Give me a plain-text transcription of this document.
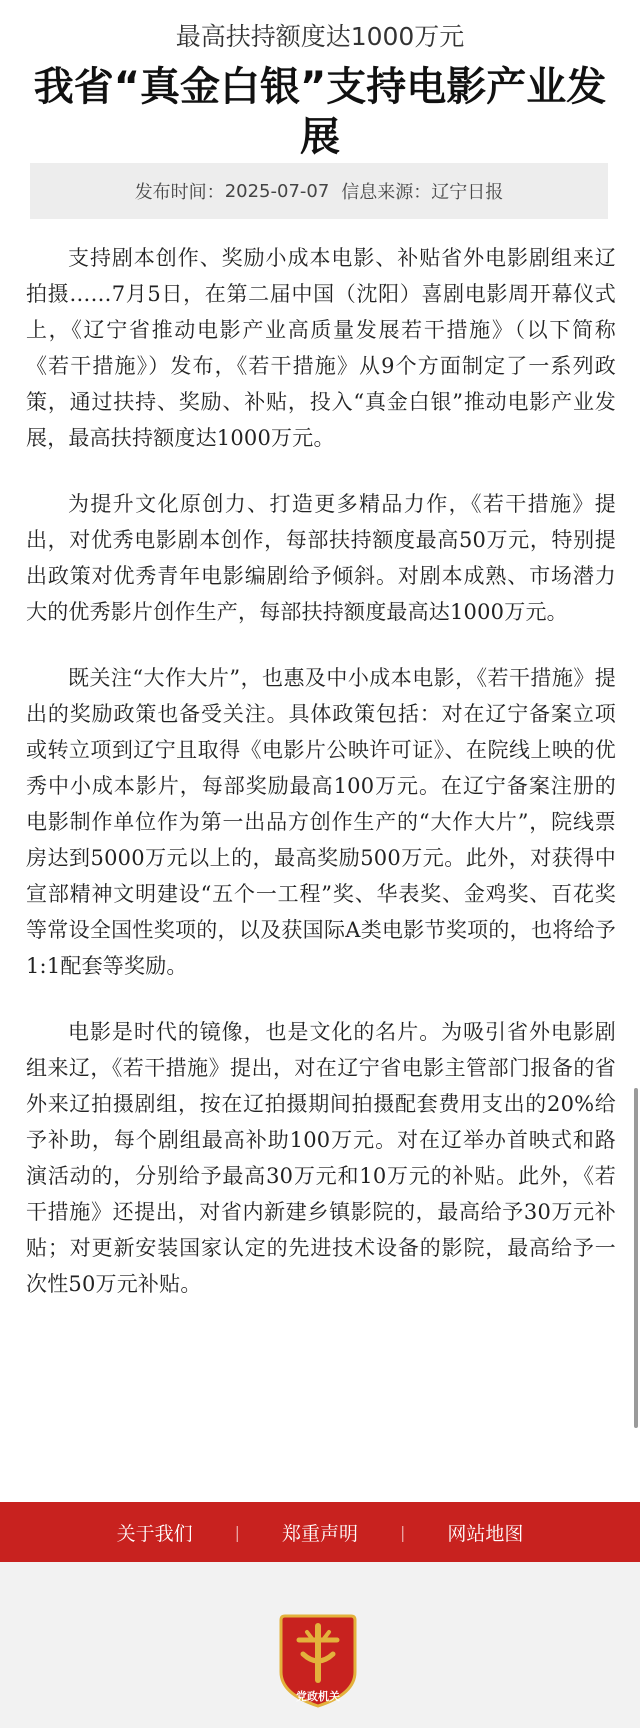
最高扶持额度达1000万元
我省“真金白银”支持电影产业发展
发布时间： 2025-07-07 信息来源： 辽宁日报

支持剧本创作、奖励小成本电影、补贴省外电影剧组来辽拍摄……7月5日，在第二届中国（沈阳）喜剧电影周开幕仪式上，《辽宁省推动电影产业高质量发展若干措施》（以下简称《若干措施》）发布，《若干措施》从9个方面制定了一系列政策，通过扶持、奖励、补贴，投入“真金白银”推动电影产业发展，最高扶持额度达1000万元。

为提升文化原创力、打造更多精品力作，《若干措施》提出，对优秀电影剧本创作，每部扶持额度最高50万元，特别提出政策对优秀青年电影编剧给予倾斜。对剧本成熟、市场潜力大的优秀影片创作生产，每部扶持额度最高达1000万元。

既关注“大作大片”，也惠及中小成本电影，《若干措施》提出的奖励政策也备受关注。具体政策包括：对在辽宁备案立项或转立项到辽宁且取得《电影片公映许可证》、在院线上映的优秀中小成本影片，每部奖励最高100万元。在辽宁备案注册的电影制作单位作为第一出品方创作生产的“大作大片”，院线票房达到5000万元以上的，最高奖励500万元。此外，对获得中宣部精神文明建设“五个一工程”奖、华表奖、金鸡奖、百花奖等常设全国性奖项的，以及获国际A类电影节奖项的，也将给予1:1配套等奖励。

电影是时代的镜像，也是文化的名片。为吸引省外电影剧组来辽，《若干措施》提出，对在辽宁省电影主管部门报备的省外来辽拍摄剧组，按在辽拍摄期间拍摄配套费用支出的20%给予补助，每个剧组最高补助100万元。对在辽举办首映式和路演活动的，分别给予最高30万元和10万元的补贴。此外，《若干措施》还提出，对省内新建乡镇影院的，最高给予30万元补贴；对更新安装国家认定的先进技术设备的影院，最高给予一次性50万元补贴。

关于我们	|	郑重声明	|	网站地图
党政机关
